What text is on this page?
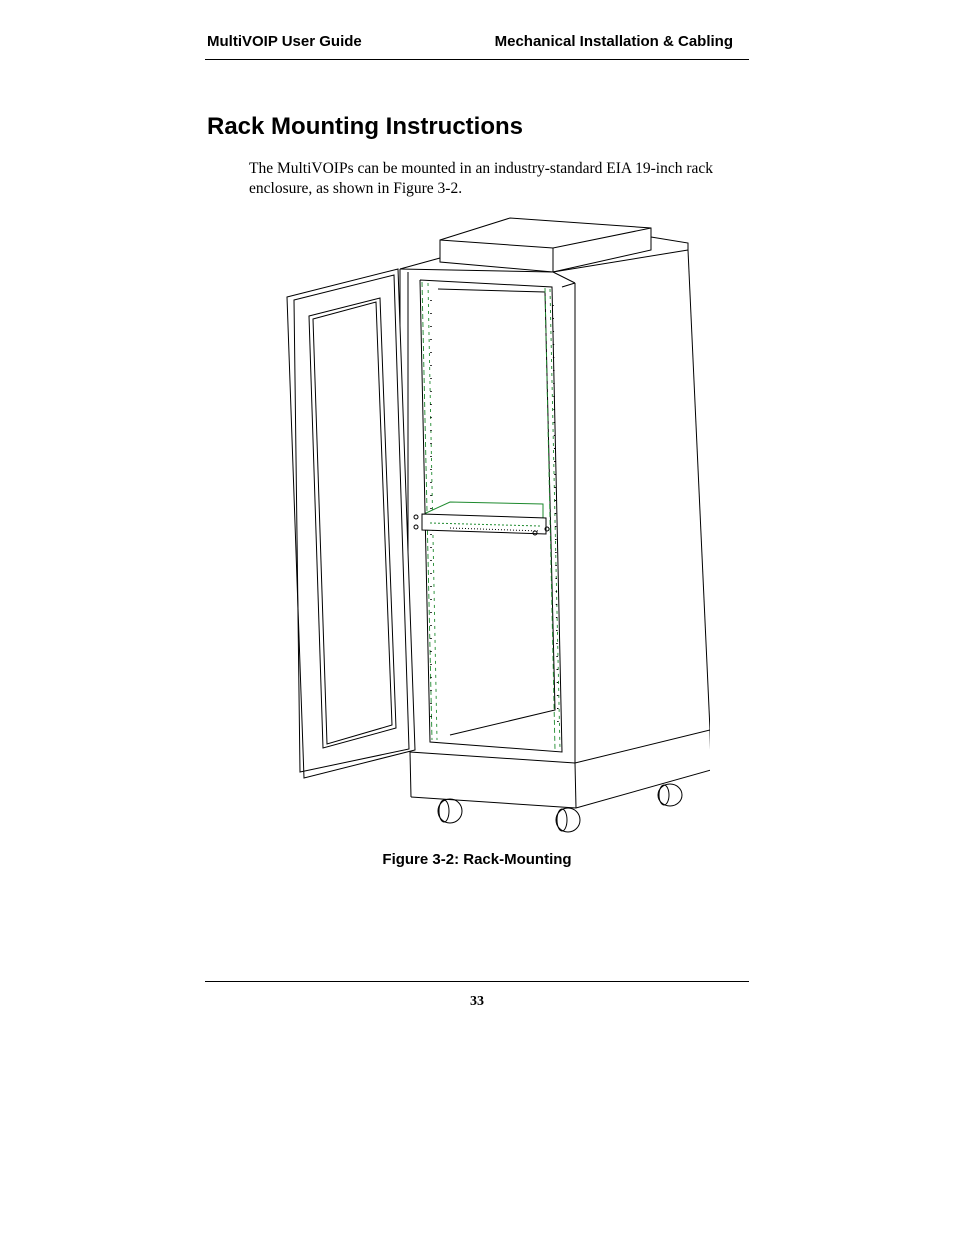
MultiVOIP User Guide	Mechanical Installation & Cabling
Rack Mounting Instructions

The MultiVOIPs can be mounted in an industry-standard EIA 19-inch rack enclosure, as shown in Figure 3-2.

Figure 3-2: Rack-Mounting
33
